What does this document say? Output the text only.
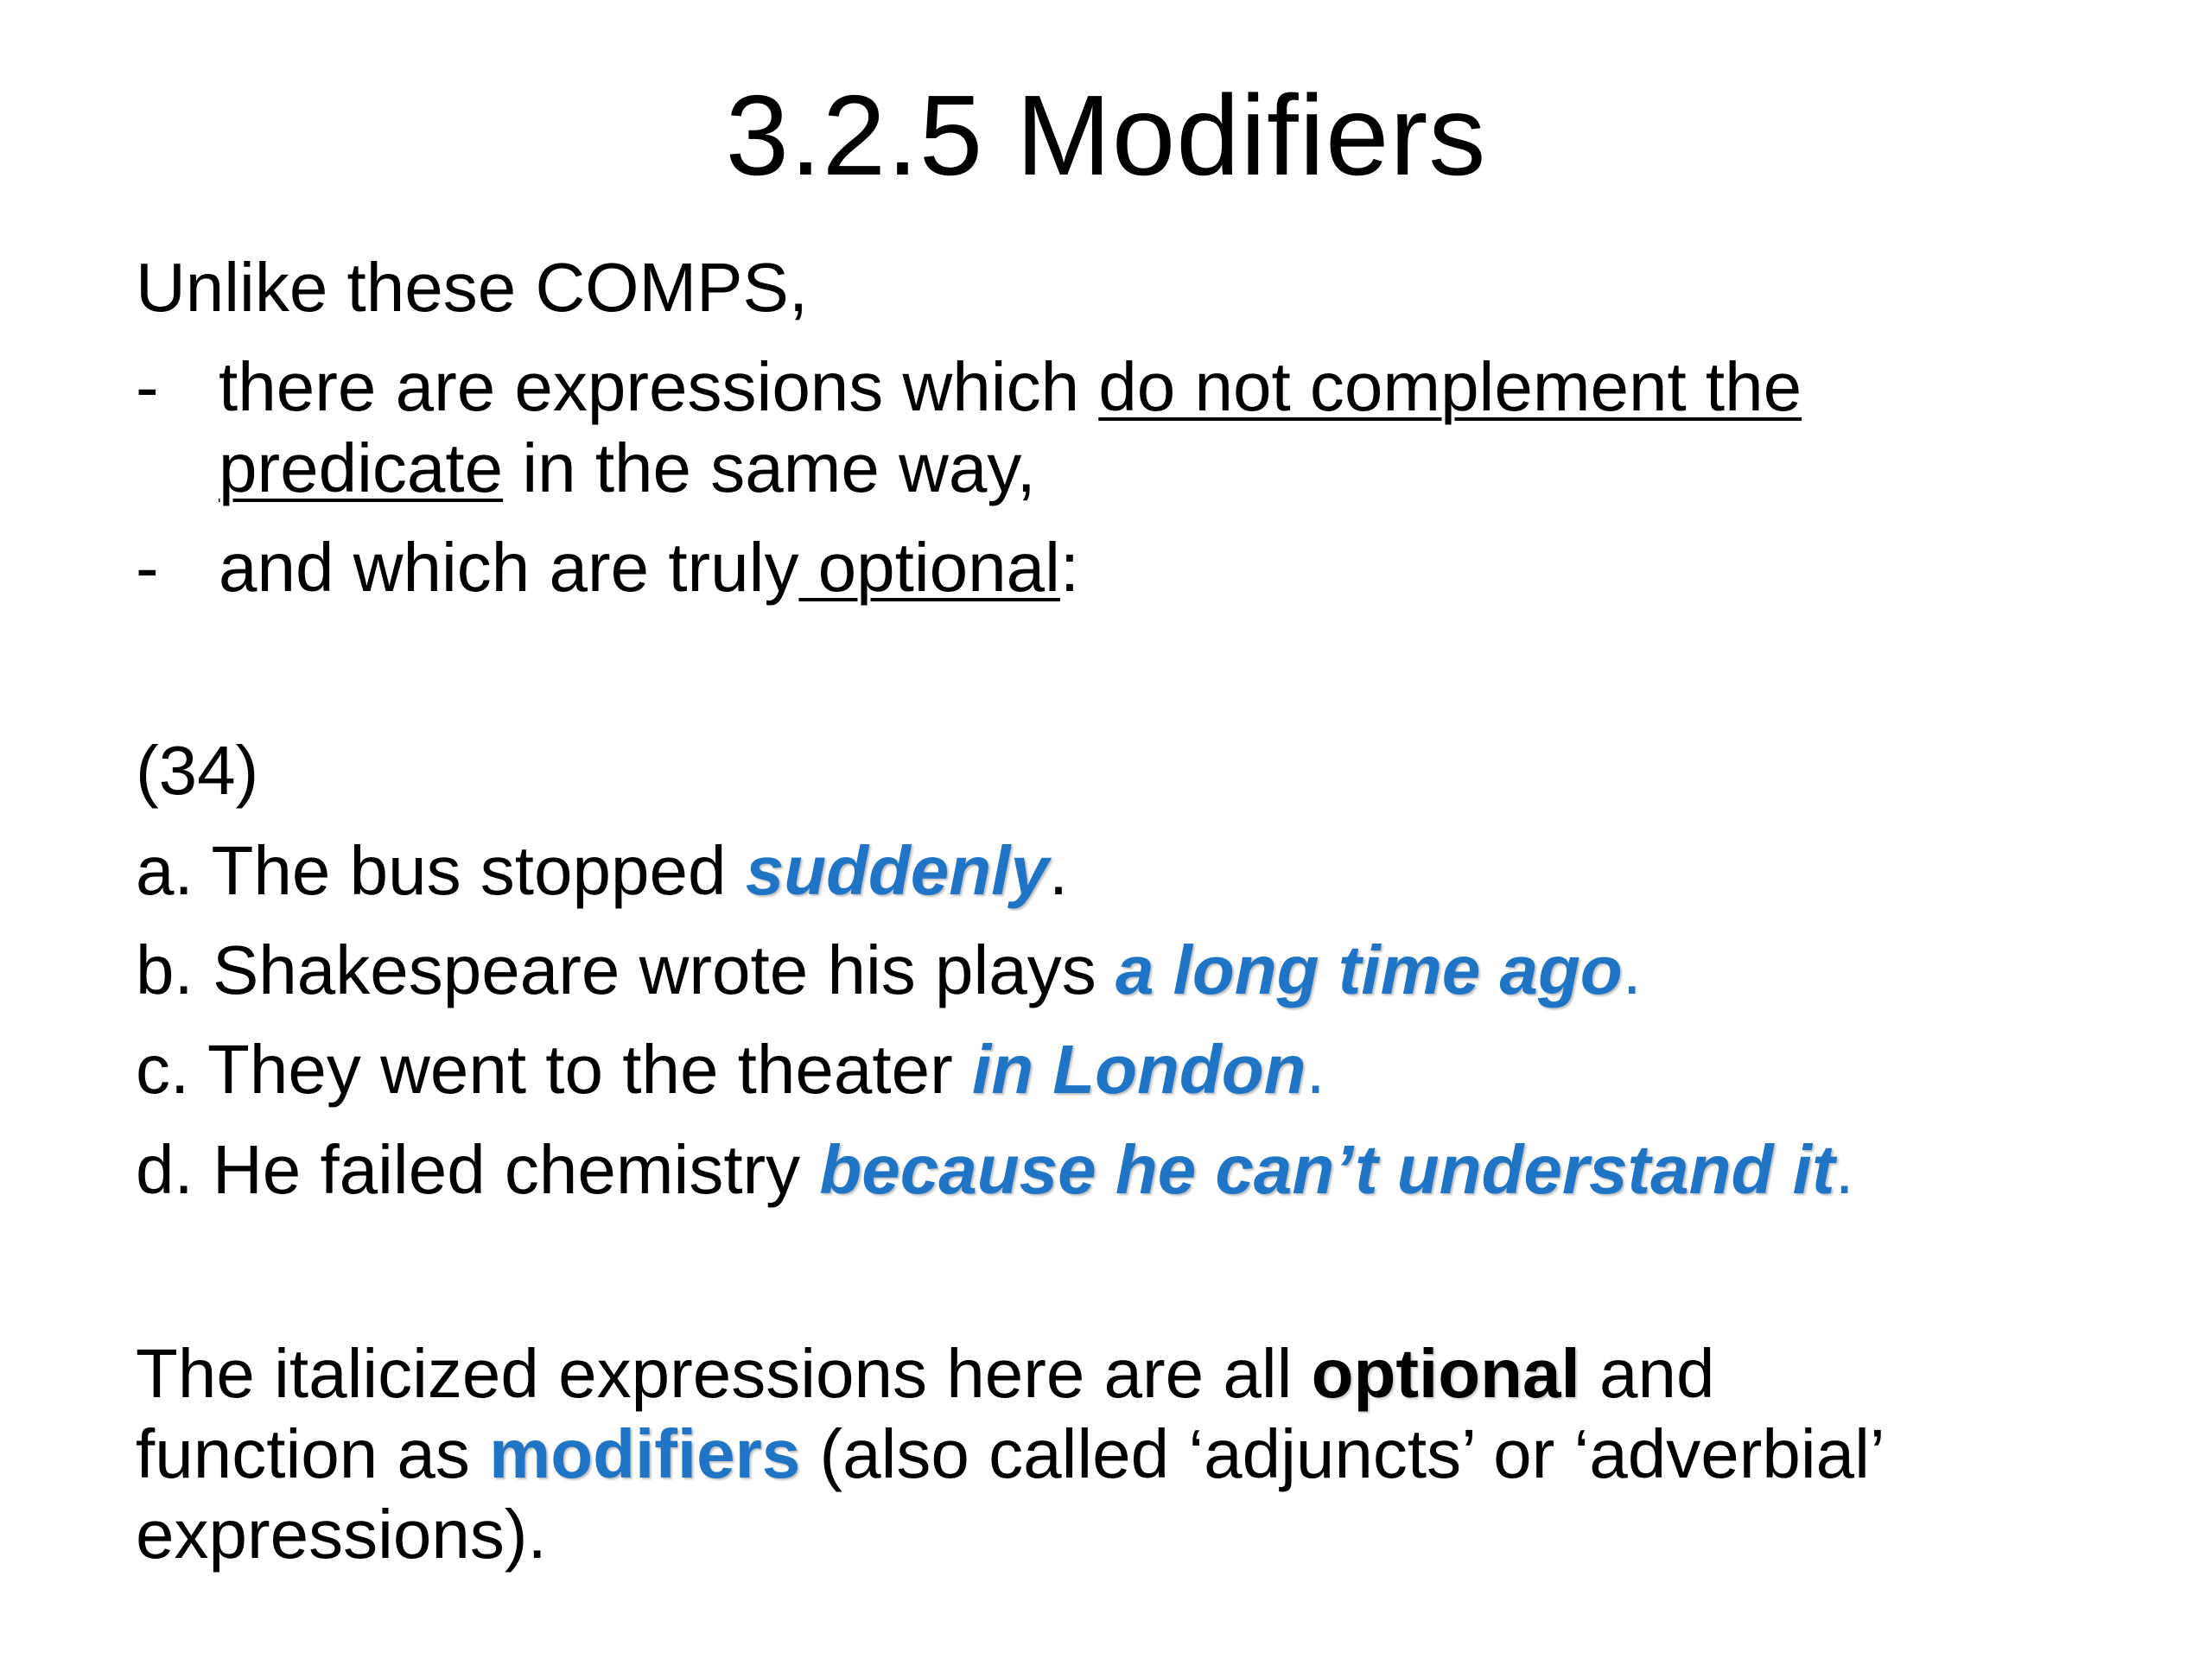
3.2.5 Modifiers
Unlike these COMPS,
- there are expressions which do not complement the
predicate in the same way,
- and which are truly optional:
(34)
a. The bus stopped suddenly.
b. Shakespeare wrote his plays a long time ago.
c. They went to the theater in London.
d. He failed chemistry because he can’t understand it.
The italicized expressions here are all optional and
function as modifiers (also called ‘adjuncts’ or ‘adverbial’
expressions).
